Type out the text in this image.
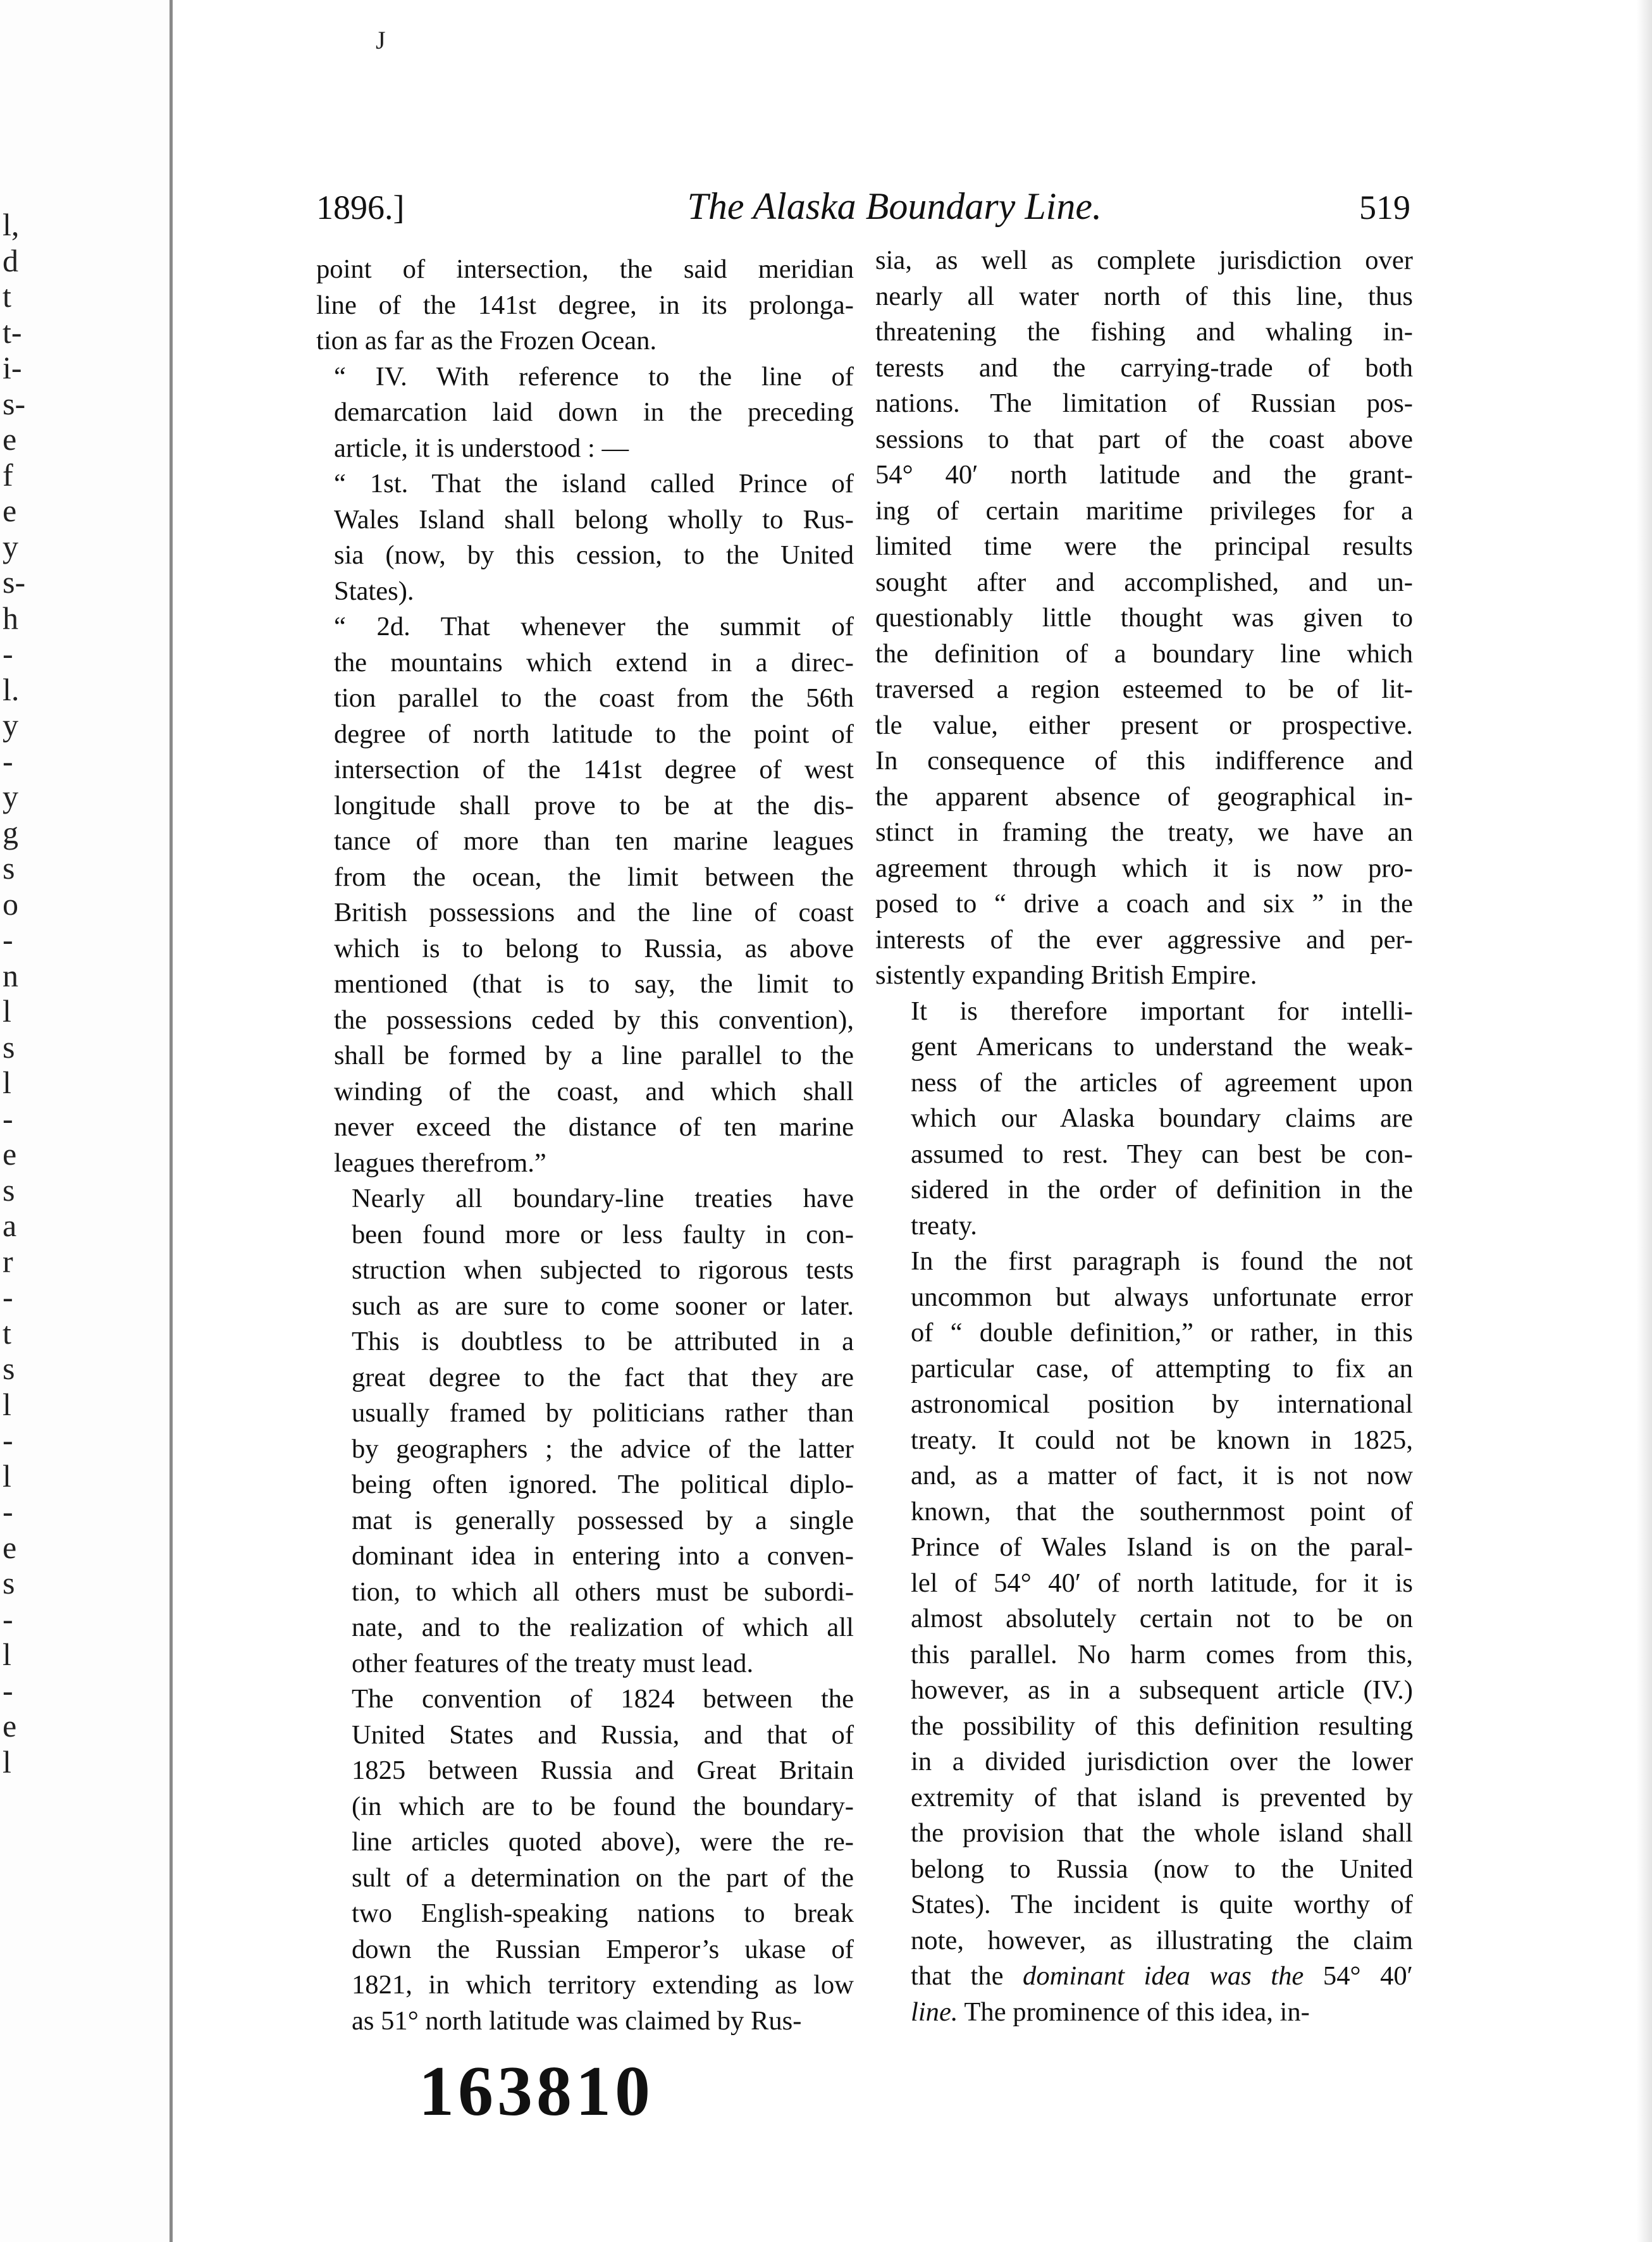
l,
d
t
t-
i-
s-
e
f
e
y
s-
h
-
l.
y
-
y
g
s
o
-
n
l
s
l
-
e
s
a
r
-
t
s
l
-
l
-
e
s
-
l
-
e
l
J
1896.]	The Alaska Boundary Line.	519

point of intersection, the said meridian
line of the 141st degree, in its prolonga-
tion as far as the Frozen Ocean.

“ IV. With reference to the line of
demarcation laid down in the preceding
article, it is understood : —

“ 1st. That the island called Prince of
Wales Island shall belong wholly to Rus-
sia (now, by this cession, to the United
States).

“ 2d. That whenever the summit of
the mountains which extend in a direc-
tion parallel to the coast from the 56th
degree of north latitude to the point of
intersection of the 141st degree of west
longitude shall prove to be at the dis-
tance of more than ten marine leagues
from the ocean, the limit between the
British possessions and the line of coast
which is to belong to Russia, as above
mentioned (that is to say, the limit to
the possessions ceded by this convention),
shall be formed by a line parallel to the
winding of the coast, and which shall
never exceed the distance of ten marine
leagues therefrom.”

Nearly all boundary-line treaties have
been found more or less faulty in con-
struction when subjected to rigorous tests
such as are sure to come sooner or later.
This is doubtless to be attributed in a
great degree to the fact that they are
usually framed by politicians rather than
by geographers ; the advice of the latter
being often ignored. The political diplo-
mat is generally possessed by a single
dominant idea in entering into a conven-
tion, to which all others must be subordi-
nate, and to the realization of which all
other features of the treaty must lead.

The convention of 1824 between the
United States and Russia, and that of
1825 between Russia and Great Britain
(in which are to be found the boundary-
line articles quoted above), were the re-
sult of a determination on the part of the
two English-speaking nations to break
down the Russian Emperor’s ukase of
1821, in which territory extending as low
as 51° north latitude was claimed by Rus-

sia, as well as complete jurisdiction over
nearly all water north of this line, thus
threatening the fishing and whaling in-
terests and the carrying-trade of both
nations. The limitation of Russian pos-
sessions to that part of the coast above
54° 40′ north latitude and the grant-
ing of certain maritime privileges for a
limited time were the principal results
sought after and accomplished, and un-
questionably little thought was given to
the definition of a boundary line which
traversed a region esteemed to be of lit-
tle value, either present or prospective.
In consequence of this indifference and
the apparent absence of geographical in-
stinct in framing the treaty, we have an
agreement through which it is now pro-
posed to “ drive a coach and six ” in the
interests of the ever aggressive and per-
sistently expanding British Empire.

It is therefore important for intelli-
gent Americans to understand the weak-
ness of the articles of agreement upon
which our Alaska boundary claims are
assumed to rest. They can best be con-
sidered in the order of definition in the
treaty.

In the first paragraph is found the not
uncommon but always unfortunate error
of “ double definition,” or rather, in this
particular case, of attempting to fix an
astronomical position by international
treaty. It could not be known in 1825,
and, as a matter of fact, it is not now
known, that the southernmost point of
Prince of Wales Island is on the paral-
lel of 54° 40′ of north latitude, for it is
almost absolutely certain not to be on
this parallel. No harm comes from this,
however, as in a subsequent article (IV.)
the possibility of this definition resulting
in a divided jurisdiction over the lower
extremity of that island is prevented by
the provision that the whole island shall
belong to Russia (now to the United
States). The incident is quite worthy of
note, however, as illustrating the claim
that the dominant idea was the 54° 40′
line. The prominence of this idea, in-

163810
